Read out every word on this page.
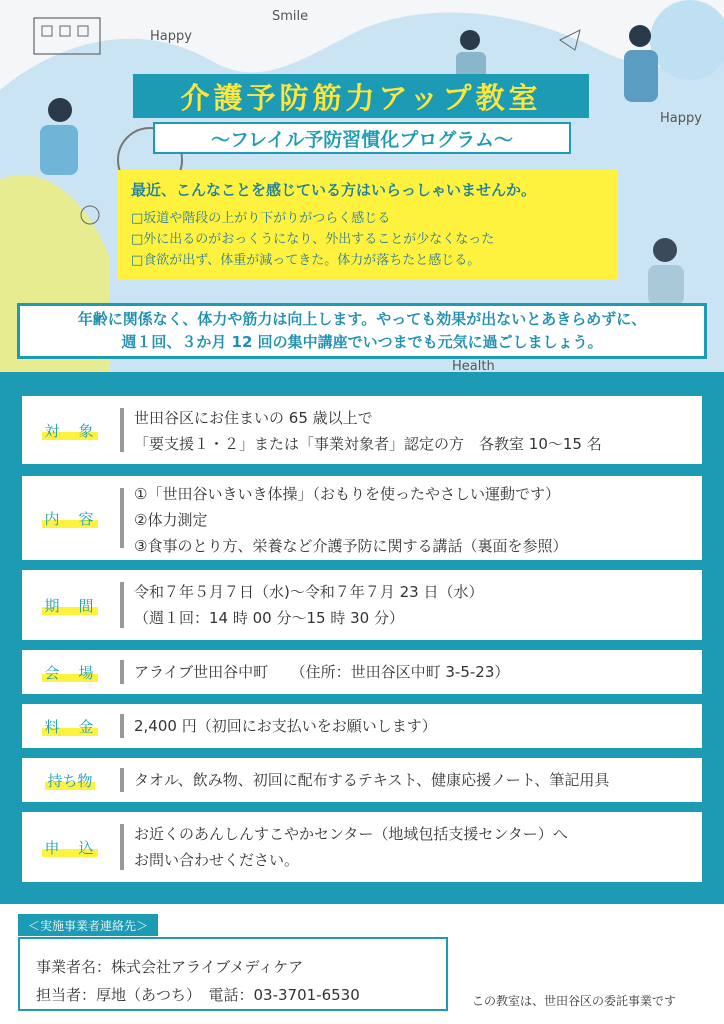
Happy
Smile
Happy
Health
介護予防筋力アップ教室
〜フレイル予防習慣化プログラム〜
最近、こんなことを感じている方はいらっしゃいませんか。
□坂道や階段の上がり下がりがつらく感じる
□外に出るのがおっくうになり、外出することが少なくなった
□食欲が出ず、体重が減ってきた。体力が落ちたと感じる。
年齢に関係なく、体力や筋力は向上します。やっても効果が出ないとあきらめずに、
週１回、３か月 12 回の集中講座でいつまでも元気に過ごしましょう。
対　象
世田谷区にお住まいの 65 歳以上で
「要支援１・２」または「事業対象者」認定の方　各教室 10〜15 名
内　容
①「世田谷いきいき体操」（おもりを使ったやさしい運動です）
②体力測定
③食事のとり方、栄養など介護予防に関する講話（裏面を参照）
期　間
令和７年５月７日（水)〜令和７年７月 23 日（水）
（週１回：14 時 00 分〜15 時 30 分）
会　場	アライブ世田谷中町　　（住所：世田谷区中町 3-5-23）
料　金	2,400 円（初回にお支払いをお願いします）
持ち物	タオル、飲み物、初回に配布するテキスト、健康応援ノート、筆記用具
申　込
お近くのあんしんすこやかセンター（地域包括支援センター）へ
お問い合わせください。
＜実施事業者連絡先＞
事業者名：株式会社アライブメディケア
担当者：厚地（あつち）　電話：03-3701-6530	この教室は、世田谷区の委託事業です
